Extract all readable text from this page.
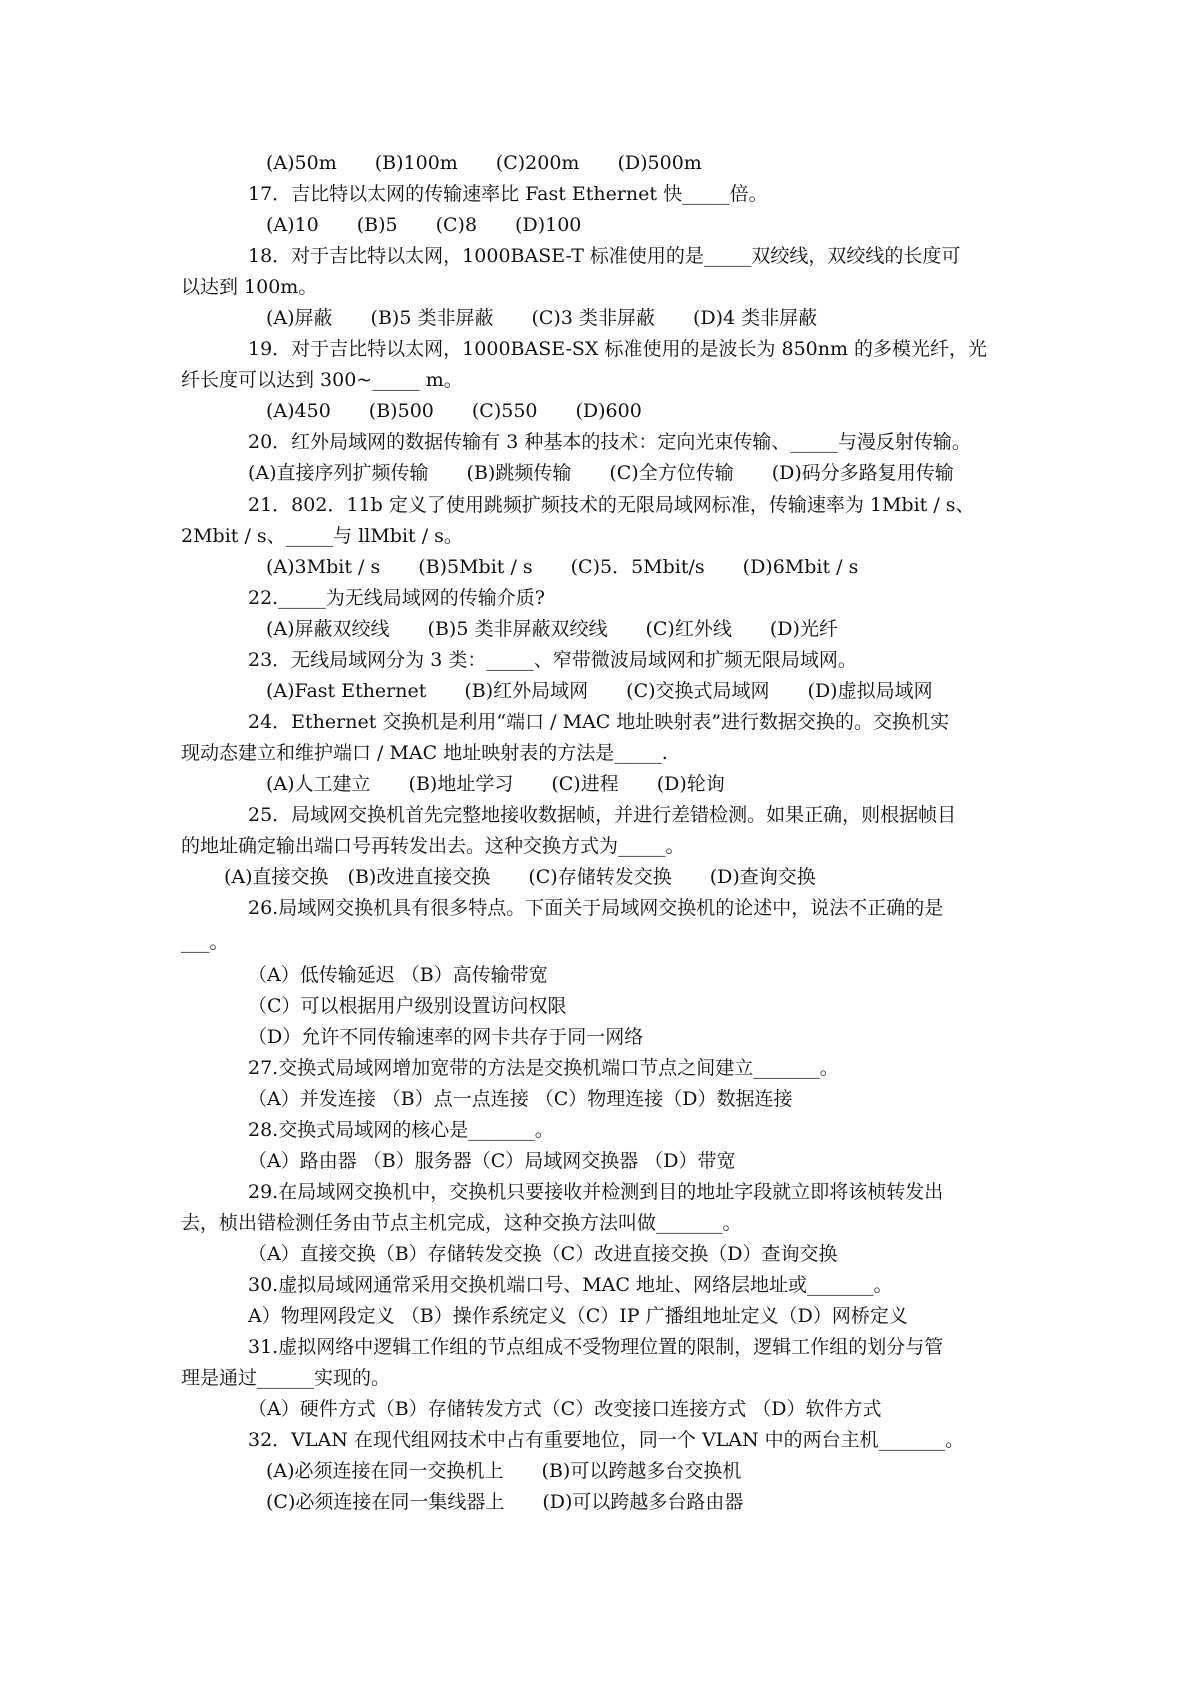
(A)50m　　(B)100m　　(C)200m　　(D)500m

17．吉比特以太网的传输速率比 Fast Ethernet 快_____倍。

(A)10　　(B)5　　(C)8　　(D)100

18．对于吉比特以太网，1000BASE-T 标准使用的是_____双绞线，双绞线的长度可

以达到 100m。

(A)屏蔽　　(B)5 类非屏蔽　　(C)3 类非屏蔽　　(D)4 类非屏蔽

19．对于吉比特以太网，1000BASE-SX 标准使用的是波长为 850nm 的多模光纤，光

纤长度可以达到 300~_____ m。

(A)450　　(B)500　　(C)550　　(D)600

20．红外局域网的数据传输有 3 种基本的技术：定向光束传输、_____与漫反射传输。

(A)直接序列扩频传输　　(B)跳频传输　　(C)全方位传输　　(D)码分多路复用传输

21．802．11b 定义了使用跳频扩频技术的无限局域网标准，传输速率为 1Mbit / s、

2Mbit / s、_____与 llMbit / s。

(A)3Mbit / s　　(B)5Mbit / s　　(C)5．5Mbit/s　　(D)6Mbit / s

22._____为无线局域网的传输介质?

(A)屏蔽双绞线　　(B)5 类非屏蔽双绞线　　(C)红外线　　(D)光纤

23．无线局域网分为 3 类：_____、窄带微波局域网和扩频无限局域网。

(A)Fast Ethernet　　(B)红外局域网　　(C)交换式局域网　　(D)虚拟局域网

24．Ethernet 交换机是利用“端口 / MAC 地址映射表”进行数据交换的。交换机实

现动态建立和维护端口 / MAC 地址映射表的方法是_____.

(A)人工建立　　(B)地址学习　　(C)进程　　(D)轮询

25．局域网交换机首先完整地接收数据帧，并进行差错检测。如果正确，则根据帧目

的地址确定输出端口号再转发出去。这种交换方式为_____。

(A)直接交换　(B)改进直接交换　　(C)存储转发交换　　(D)查询交换

26.局域网交换机具有很多特点。下面关于局域网交换机的论述中，说法不正确的是

___。

（A）低传输延迟 （B）高传输带宽

（C）可以根据用户级别设置访问权限

（D）允许不同传输速率的网卡共存于同一网络

27.交换式局域网增加宽带的方法是交换机端口节点之间建立_______。

（A）并发连接 （B）点一点连接 （C）物理连接（D）数据连接

28.交换式局域网的核心是_______。

（A）路由器 （B）服务器（C）局域网交换器 （D）带宽

29.在局域网交换机中，交换机只要接收并检测到目的地址字段就立即将该桢转发出

去，桢出错检测任务由节点主机完成，这种交换方法叫做_______。

（A）直接交换（B）存储转发交换（C）改进直接交换（D）查询交换

30.虚拟局域网通常采用交换机端口号、MAC 地址、网络层地址或_______。

A）物理网段定义 （B）操作系统定义（C）IP 广播组地址定义（D）网桥定义

31.虚拟网络中逻辑工作组的节点组成不受物理位置的限制，逻辑工作组的划分与管

理是通过______实现的。

（A）硬件方式（B）存储转发方式（C）改变接口连接方式 （D）软件方式

32．VLAN 在现代组网技术中占有重要地位，同一个 VLAN 中的两台主机_______。

(A)必须连接在同一交换机上　　(B)可以跨越多台交换机

(C)必须连接在同一集线器上　　(D)可以跨越多台路由器
